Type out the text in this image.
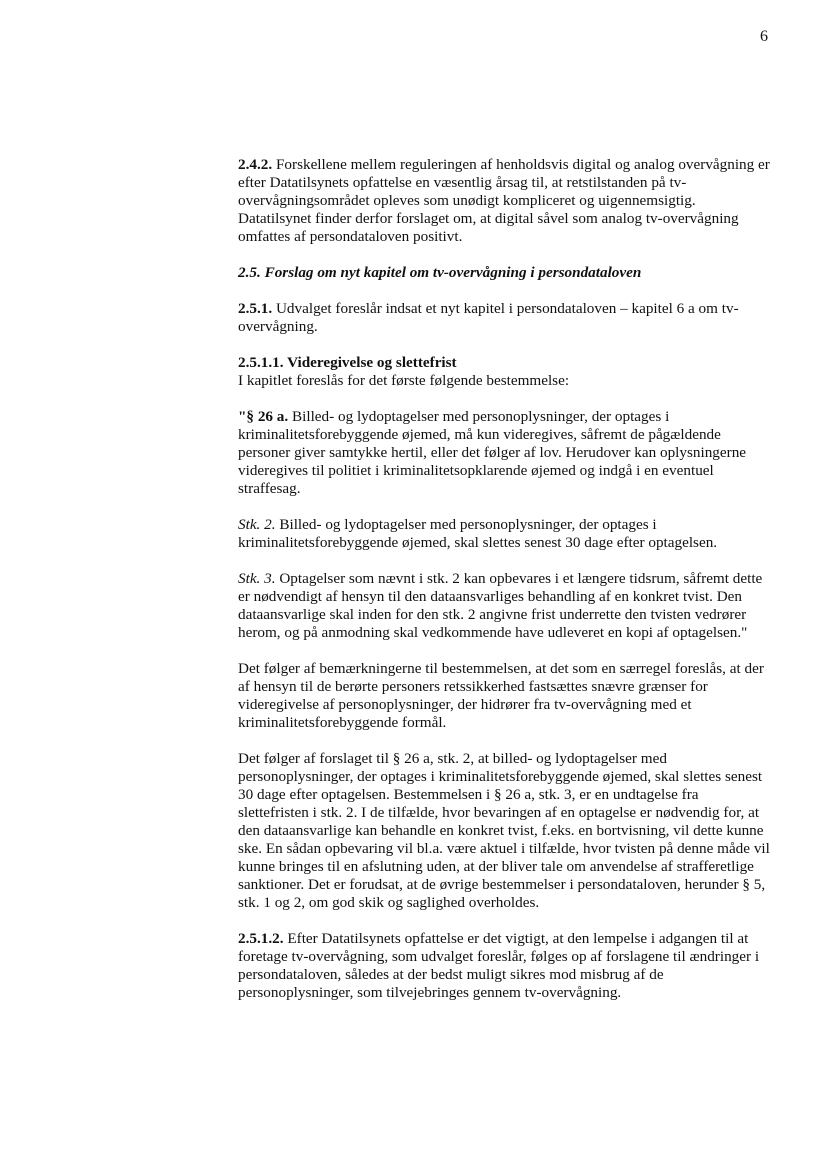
6

2.4.2. Forskellene mellem reguleringen af henholdsvis digital og analog overvågning er efter Datatilsynets opfattelse en væsentlig årsag til, at retstilstanden på tv-overvågningsområdet opleves som unødigt kompliceret og uigennemsigtig. Datatilsynet finder derfor forslaget om, at digital såvel som analog tv-overvågning omfattes af persondataloven positivt.

2.5. Forslag om nyt kapitel om tv-overvågning i persondataloven

2.5.1. Udvalget foreslår indsat et nyt kapitel i persondataloven – kapitel 6 a om tv-overvågning.

2.5.1.1. Videregivelse og slettefrist

I kapitlet foreslås for det første følgende bestemmelse:

"§ 26 a. Billed- og lydoptagelser med personoplysninger, der optages i kriminalitetsforebyggende øjemed, må kun videregives, såfremt de pågældende personer giver samtykke hertil, eller det følger af lov. Herudover kan oplysningerne videregives til politiet i kriminalitetsopklarende øjemed og indgå i en eventuel straffesag.

Stk. 2. Billed- og lydoptagelser med personoplysninger, der optages i kriminalitetsforebyggende øjemed, skal slettes senest 30 dage efter optagelsen.

Stk. 3. Optagelser som nævnt i stk. 2 kan opbevares i et længere tidsrum, såfremt dette er nødvendigt af hensyn til den dataansvarliges behandling af en konkret tvist. Den dataansvarlige skal inden for den stk. 2 angivne frist underrette den tvisten vedrører herom, og på anmodning skal vedkommende have udleveret en kopi af optagelsen."

Det følger af bemærkningerne til bestemmelsen, at det som en særregel foreslås, at der af hensyn til de berørte personers retssikkerhed fastsættes snævre grænser for videregivelse af personoplysninger, der hidrører fra tv-overvågning med et kriminalitetsforebyggende formål.

Det følger af forslaget til § 26 a, stk. 2, at billed- og lydoptagelser med personoplysninger, der optages i kriminalitetsforebyggende øjemed, skal slettes senest 30 dage efter optagelsen. Bestemmelsen i § 26 a, stk. 3, er en undtagelse fra slettefristen i stk. 2. I de tilfælde, hvor bevaringen af en optagelse er nødvendig for, at den dataansvarlige kan behandle en konkret tvist, f.eks. en bortvisning, vil dette kunne ske. En sådan opbevaring vil bl.a. være aktuel i tilfælde, hvor tvisten på denne måde vil kunne bringes til en afslutning uden, at der bliver tale om anvendelse af strafferetlige sanktioner. Det er forudsat, at de øvrige bestemmelser i persondataloven, herunder § 5, stk. 1 og 2, om god skik og saglighed overholdes.

2.5.1.2. Efter Datatilsynets opfattelse er det vigtigt, at den lempelse i adgangen til at foretage tv-overvågning, som udvalget foreslår, følges op af forslagene til ændringer i persondataloven, således at der bedst muligt sikres mod misbrug af de personoplysninger, som tilvejebringes gennem tv-overvågning.
